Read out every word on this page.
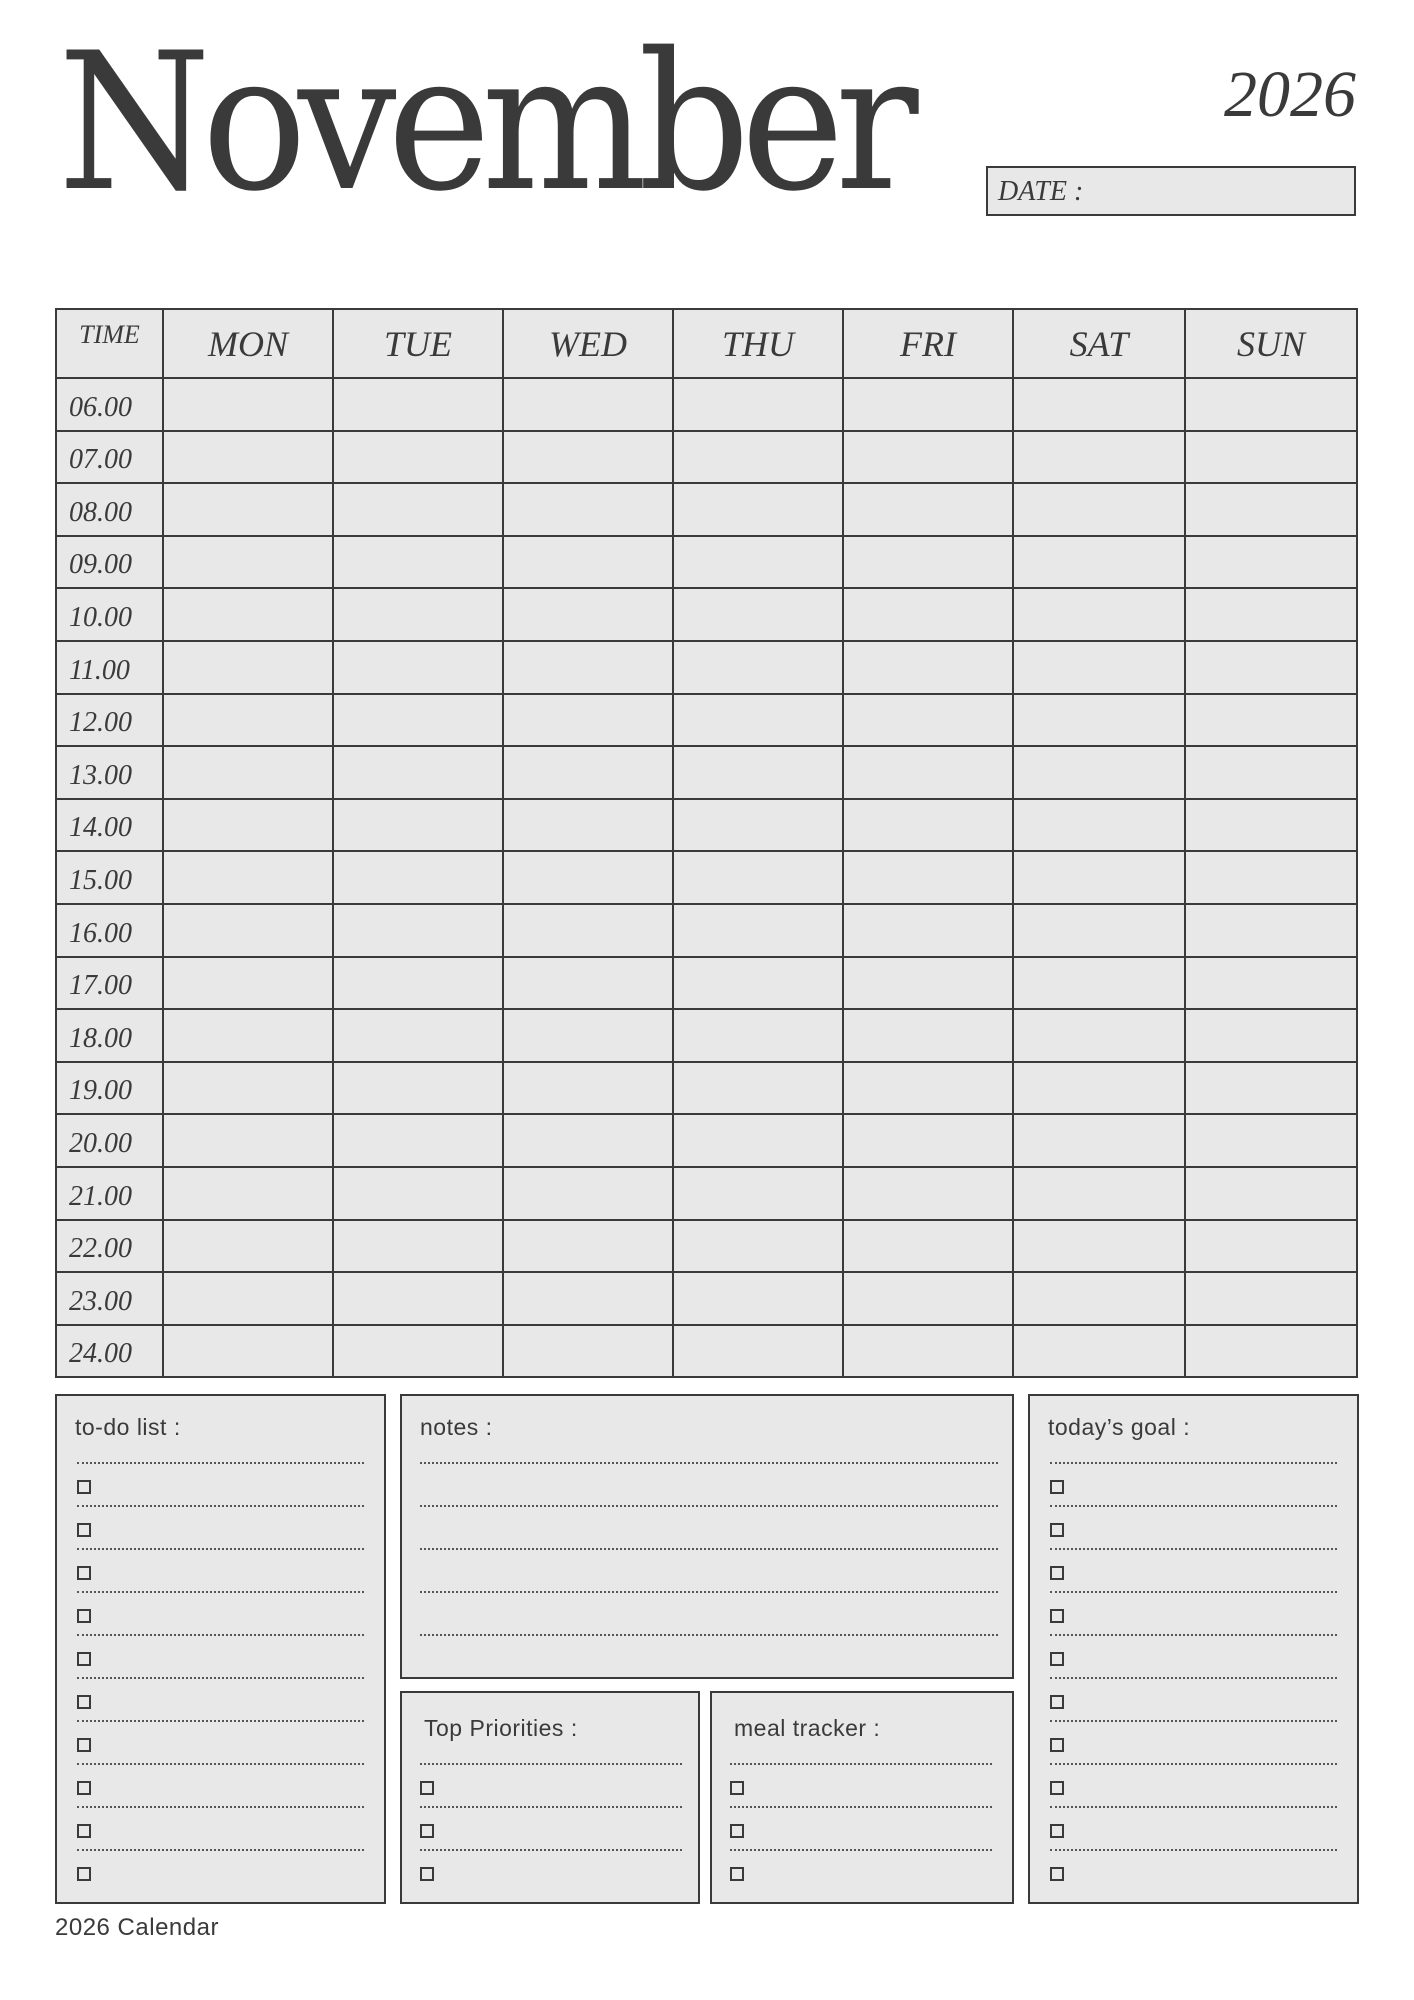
November	2026
DATE :
TIME	MON	TUE	WED	THU	FRI	SAT	SUN
06.00							
07.00							
08.00							
09.00							
10.00							
11.00							
12.00							
13.00							
14.00							
15.00							
16.00							
17.00							
18.00							
19.00							
20.00							
21.00							
22.00							
23.00							
24.00							
to-do list :	notes :	today’s goal :
Top Priorities :	meal tracker :
2026 Calendar
